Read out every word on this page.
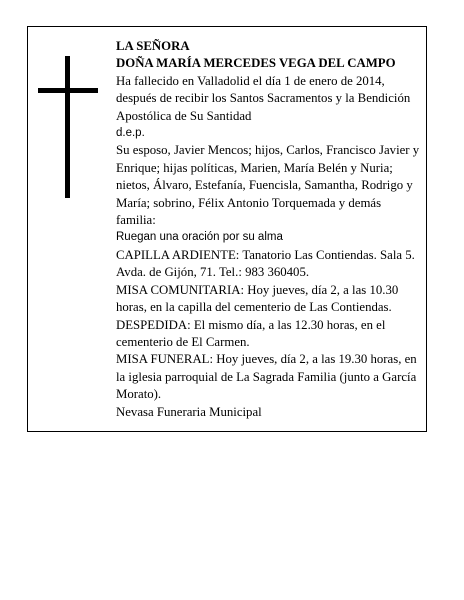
LA SEÑORA
DOÑA MARÍA MERCEDES VEGA DEL CAMPO
Ha fallecido en Valladolid el día 1 de enero de 2014, después de recibir los Santos Sacramentos y la Bendición Apostólica de Su Santidad
d.e.p.
Su esposo, Javier Mencos; hijos, Carlos, Francisco Javier y Enrique; hijas políticas, Marien, María Belén y Nuria; nietos, Álvaro, Estefanía, Fuencisla, Samantha, Rodrigo y María; sobrino, Félix Antonio Torquemada y demás familia:
Ruegan una oración por su alma
CAPILLA ARDIENTE: Tanatorio Las Contiendas. Sala 5. Avda. de Gijón, 71. Tel.: 983 360405.
MISA COMUNITARIA: Hoy jueves, día 2, a las 10.30 horas, en la capilla del cementerio de Las Contiendas.
DESPEDIDA: El mismo día, a las 12.30 horas, en el cementerio de El Carmen.
MISA FUNERAL: Hoy jueves, día 2, a las 19.30 horas, en la iglesia parroquial de La Sagrada Familia (junto a García Morato).
Nevasa Funeraria Municipal
